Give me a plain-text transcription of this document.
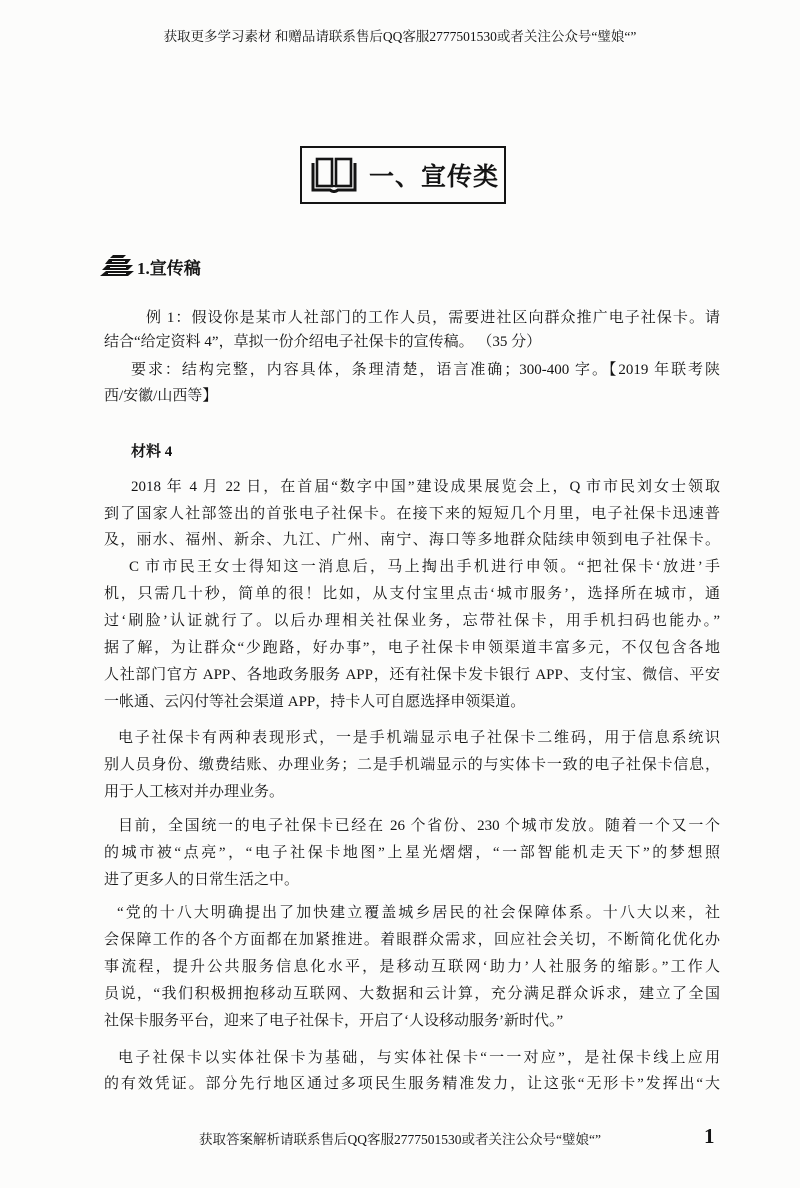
获取更多学习素材 和赠品请联系售后QQ客服2777501530或者关注公众号“璧娘“”
一、宣传类
1.宣传稿
例 1：假设你是某市人社部门的工作人员，需要进社区向群众推广电子社保卡。请
结合“给定资料 4”，草拟一份介绍电子社保卡的宣传稿。 （35 分）
要求：结构完整，内容具体，条理清楚，语言准确；300-400 字。【2019 年联考陕
西/安徽/山西等】
材料 4
2018 年 4 月 22 日，在首届“数字中国”建设成果展览会上，Q 市市民刘女士领取
到了国家人社部签出的首张电子社保卡。在接下来的短短几个月里，电子社保卡迅速普
及，丽水、福州、新余、九江、广州、南宁、海口等多地群众陆续申领到电子社保卡。
C 市市民王女士得知这一消息后，马上掏出手机进行申领。“把社保卡‘放进’手
机，只需几十秒，简单的很！比如，从支付宝里点击‘城市服务’，选择所在城市，通
过‘刷脸’认证就行了。以后办理相关社保业务，忘带社保卡，用手机扫码也能办。”
据了解，为让群众“少跑路，好办事”，电子社保卡申领渠道丰富多元，不仅包含各地
人社部门官方 APP、各地政务服务 APP，还有社保卡发卡银行 APP、支付宝、微信、平安
一帐通、云闪付等社会渠道 APP，持卡人可自愿选择申领渠道。
电子社保卡有两种表现形式，一是手机端显示电子社保卡二维码，用于信息系统识
别人员身份、缴费结账、办理业务；二是手机端显示的与实体卡一致的电子社保卡信息，
用于人工核对并办理业务。
目前，全国统一的电子社保卡已经在 26 个省份、230 个城市发放。随着一个又一个
的城市被“点亮”，“电子社保卡地图”上星光熠熠，“一部智能机走天下”的梦想照
进了更多人的日常生活之中。
“党的十八大明确提出了加快建立覆盖城乡居民的社会保障体系。十八大以来，社
会保障工作的各个方面都在加紧推进。着眼群众需求，回应社会关切，不断简化优化办
事流程，提升公共服务信息化水平，是移动互联网‘助力’人社服务的缩影。”工作人
员说，“我们积极拥抱移动互联网、大数据和云计算，充分满足群众诉求，建立了全国
社保卡服务平台，迎来了电子社保卡，开启了‘人设移动服务’新时代。”
电子社保卡以实体社保卡为基础，与实体社保卡“一一对应”，是社保卡线上应用
的有效凭证。部分先行地区通过多项民生服务精准发力，让这张“无形卡”发挥出“大
获取答案解析请联系售后QQ客服2777501530或者关注公众号“璧娘“”	1
